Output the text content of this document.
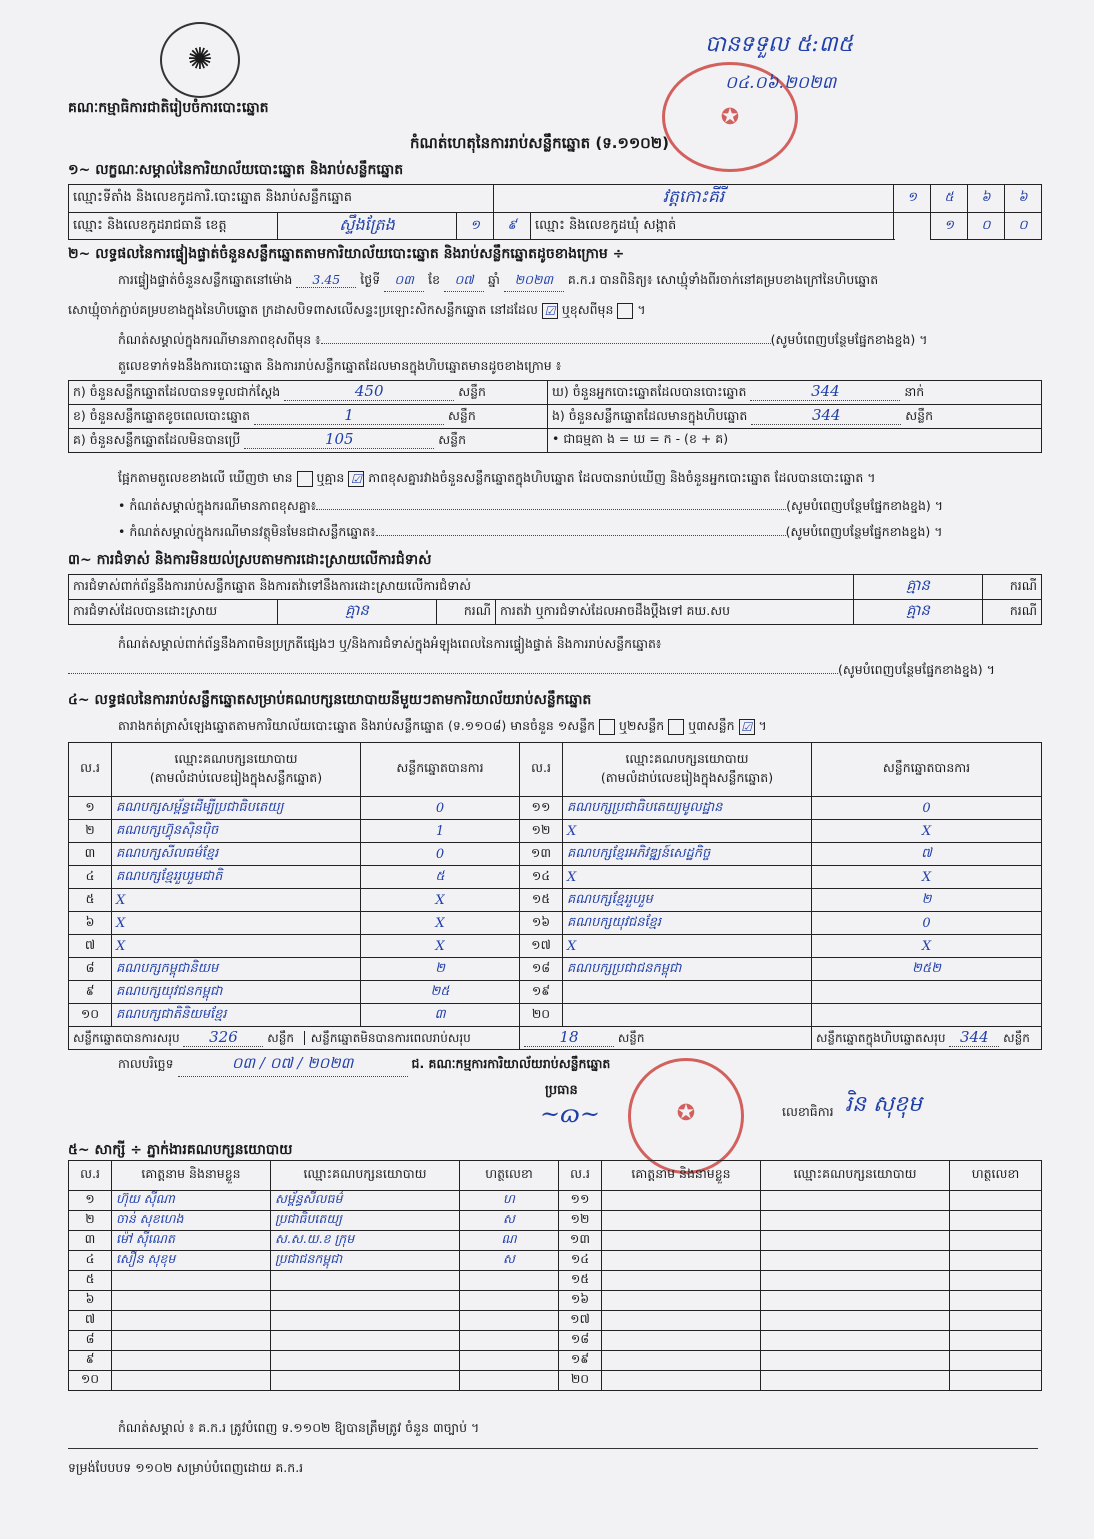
✺
គណៈកម្មាធិការជាតិរៀបចំការបោះឆ្នោត
បានទទួល ៥:៣៥
✪
០៤.០៦.២០២៣
កំណត់ហេតុនៃការរាប់សន្លឹកឆ្នោត (ទ.១១០២)
១~ លក្ខណៈសម្គាល់នៃការិយាល័យបោះឆ្នោត និងរាប់សន្លឹកឆ្នោត
ឈ្មោះទីតាំង និងលេខកូដការិ.បោះឆ្នោត និងរាប់សន្លឹកឆ្នោត			វត្តកោះគីរី		១	៥	៦	៦
ឈ្មោះ និងលេខកូដរាជធានី ខេត្ត	ស្ទឹងត្រែង	១	៩	ឈ្មោះ និងលេខកូដឃុំ សង្កាត់		១	០	០
២~ លទ្ធផលនៃការផ្ទៀងផ្ទាត់ចំនួនសន្លឹកឆ្នោតតាមការិយាល័យបោះឆ្នោត និងរាប់សន្លឹកឆ្នោតដូចខាងក្រោម ÷
ការផ្ទៀងផ្ទាត់ចំនួនសន្លឹកឆ្នោតនៅម៉ោង 3.45 ថ្ងៃទី ០៣ ខែ ០៧ ឆ្នាំ ២០២៣ គ.ក.រ បានពិនិត្យ៖ សោឃ្មុំទាំងពីរចាក់នៅគម្របខាងក្រៅនៃហិបឆ្នោត
សោឃ្មុំចាក់ភ្ជាប់គម្របខាងក្នុងនៃហិបឆ្នោត ក្រដាសបិទពាសលើសន្ទះប្រឡោះសិកសន្លឹកឆ្នោត នៅដដែល ☑ ឬខុសពីមុន  ។
កំណត់សម្គាល់ក្នុងករណីមានភាពខុសពីមុន ៖	(សូមបំពេញបន្ថែមផ្នែកខាងខ្នង) ។
តួលេខទាក់ទងនឹងការបោះឆ្នោត និងការរាប់សន្លឹកឆ្នោតដែលមានក្នុងហិបឆ្នោតមានដូចខាងក្រោម ៖
ក) ចំនួនសន្លឹកឆ្នោតដែលបានទទួលជាក់ស្តែង 450 សន្លឹក	ឃ) ចំនួនអ្នកបោះឆ្នោតដែលបានបោះឆ្នោត 344 នាក់
ខ) ចំនួនសន្លឹកឆ្នោតខូចពេលបោះឆ្នោត 1 សន្លឹក	ង) ចំនួនសន្លឹកឆ្នោតដែលមានក្នុងហិបឆ្នោត 344 សន្លឹក
គ) ចំនួនសន្លឹកឆ្នោតដែលមិនបានប្រើ 105 សន្លឹក	• ជាធម្មតា ង = ឃ = ក - (ខ + គ)
ផ្អែកតាមតួលេខខាងលើ ឃើញថា មាន ឬគ្មាន ☑ ភាពខុសគ្នារវាងចំនួនសន្លឹកឆ្នោតក្នុងហិបឆ្នោត ដែលបានរាប់ឃើញ និងចំនួនអ្នកបោះឆ្នោត ដែលបានបោះឆ្នោត ។
• កំណត់សម្គាល់ក្នុងករណីមានភាពខុសគ្នា៖	(សូមបំពេញបន្ថែមផ្នែកខាងខ្នង) ។
• កំណត់សម្គាល់ក្នុងករណីមានវត្ថុមិនមែនជាសន្លឹកឆ្នោត៖	(សូមបំពេញបន្ថែមផ្នែកខាងខ្នង) ។
៣~ ការជំទាស់ និងការមិនយល់ស្របតាមការដោះស្រាយលើការជំទាស់
ការជំទាស់ពាក់ព័ន្ធនឹងការរាប់សន្លឹកឆ្នោត និងការតវ៉ាទៅនឹងការដោះស្រាយលើការជំទាស់				គ្មាន	ករណី
ការជំទាស់ដែលបានដោះស្រាយ	គ្មាន	ករណី	ការតវ៉ា ឬការជំទាស់ដែលអាចដឹងប្តឹងទៅ គឃ.សប	គ្មាន	ករណី
កំណត់សម្គាល់ពាក់ព័ន្ធនឹងភាពមិនប្រក្រតីផ្សេងៗ ឬ/និងការជំទាស់ក្នុងអំឡុងពេលនៃការផ្ទៀងផ្ទាត់ និងការរាប់សន្លឹកឆ្នោត៖
(សូមបំពេញបន្ថែមផ្នែកខាងខ្នង) ។
៤~ លទ្ធផលនៃការរាប់សន្លឹកឆ្នោតសម្រាប់គណបក្សនយោបាយនីមួយៗតាមការិយាល័យរាប់សន្លឹកឆ្នោត
តារាងកត់ត្រាសំឡេងឆ្នោតតាមការិយាល័យបោះឆ្នោត និងរាប់សន្លឹកឆ្នោត (ទ.១១០៨) មានចំនួន ១សន្លឹក ឬ២សន្លឹក ឬ៣សន្លឹក ☑ ។
ល.រ	ឈ្មោះគណបក្សនយោបាយ
(តាមលំដាប់លេខរៀងក្នុងសន្លឹកឆ្នោត)	សន្លឹកឆ្នោតបានការ	ល.រ	ឈ្មោះគណបក្សនយោបាយ
(តាមលំដាប់លេខរៀងក្នុងសន្លឹកឆ្នោត)	សន្លឹកឆ្នោតបានការ
១	គណបក្សសម្ព័ន្ធដើម្បីប្រជាធិបតេយ្យ	0	១១	គណបក្សប្រជាធិបតេយ្យមូលដ្ឋាន	0
២	គណបក្សហ៊្វុនស៊ិនប៉ិច	1	១២	X	X
៣	គណបក្សសីលធម៌ខ្មែរ	0	១៣	គណបក្សខ្មែរអភិវឌ្ឍន៍សេដ្ឋកិច្ច	៧
៤	គណបក្សខ្មែររួបរួមជាតិ	៥	១៤	X	X
៥	X	X	១៥	គណបក្សខ្មែររួបរួម	២
៦	X	X	១៦	គណបក្សយុវជនខ្មែរ	0
៧	X	X	១៧	X	X
៨	គណបក្សកម្ពុជានិយម	២	១៨	គណបក្សប្រជាជនកម្ពុជា	២៥២
៩	គណបក្សយុវជនកម្ពុជា	២៥	១៩		
១០	គណបក្សជាតិនិយមខ្មែរ	៣	២០		
សន្លឹកឆ្នោតបានការសរុប 326 សន្លឹក សន្លឹកឆ្នោតមិនបានការពេលរាប់សរុប			18 សន្លឹក		សន្លឹកឆ្នោតក្នុងហិបឆ្នោតសរុប 344 សន្លឹក
កាលបរិច្ឆេទ	០៣ / ០៧ / ២០២៣	ជ. គណៈកម្មការការិយាល័យរាប់សន្លឹកឆ្នោត
✪
ប្រធាន
~ɷ~	លេខាធិការ រិន សុខុម
៥~ សាក្សី ÷ ភ្នាក់ងារគណបក្សនយោបាយ
ល.រ	គោត្តនាម និងនាមខ្លួន	ឈ្មោះគណបក្សនយោបាយ	ហត្ថលេខា	ល.រ	គោត្តនាម និងនាមខ្លួន	ឈ្មោះគណបក្សនយោបាយ	ហត្ថលេខា
១	ហ៊ុយ ស៊ីណា	សម្ព័ន្ធសីលធម៌	ហ	១១			
២	ចាន់ សុខហេង	ប្រជាធិបតេយ្យ	ស	១២			
៣	ម៉ៅ ស៊ីណេត	ស.ស.យ.ខ ក្រុម	ណ	១៣			
៤	សឿន សុខុម	ប្រជាជនកម្ពុជា	ស	១៤			
៥				១៥			
៦				១៦			
៧				១៧			
៨				១៨			
៩				១៩			
១០				២០			
កំណត់សម្គាល់ ៖ គ.ក.រ ត្រូវបំពេញ ទ.១១០២ ឱ្យបានត្រឹមត្រូវ ចំនួន ៣ច្បាប់ ។
ទម្រង់បែបបទ ១១០២ សម្រាប់បំពេញដោយ គ.ក.រ
